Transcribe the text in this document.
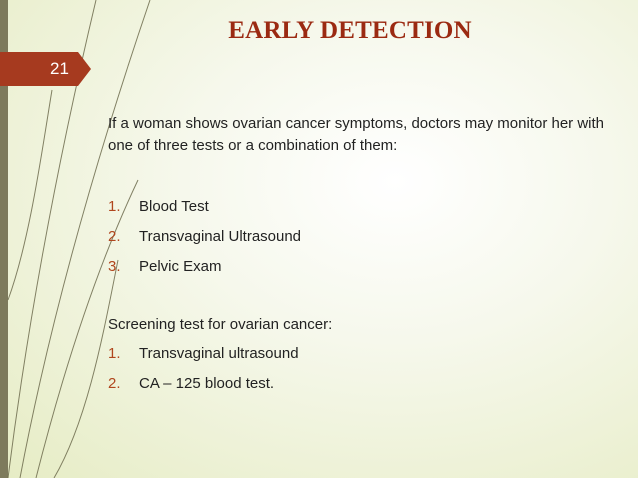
21
EARLY DETECTION

If a woman shows ovarian cancer symptoms, doctors may monitor her with one of three tests or a combination of them:

1. Blood Test
2. Transvaginal Ultrasound
3. Pelvic Exam
Screening test for ovarian cancer:
1. Transvaginal ultrasound
2. CA – 125 blood test.
